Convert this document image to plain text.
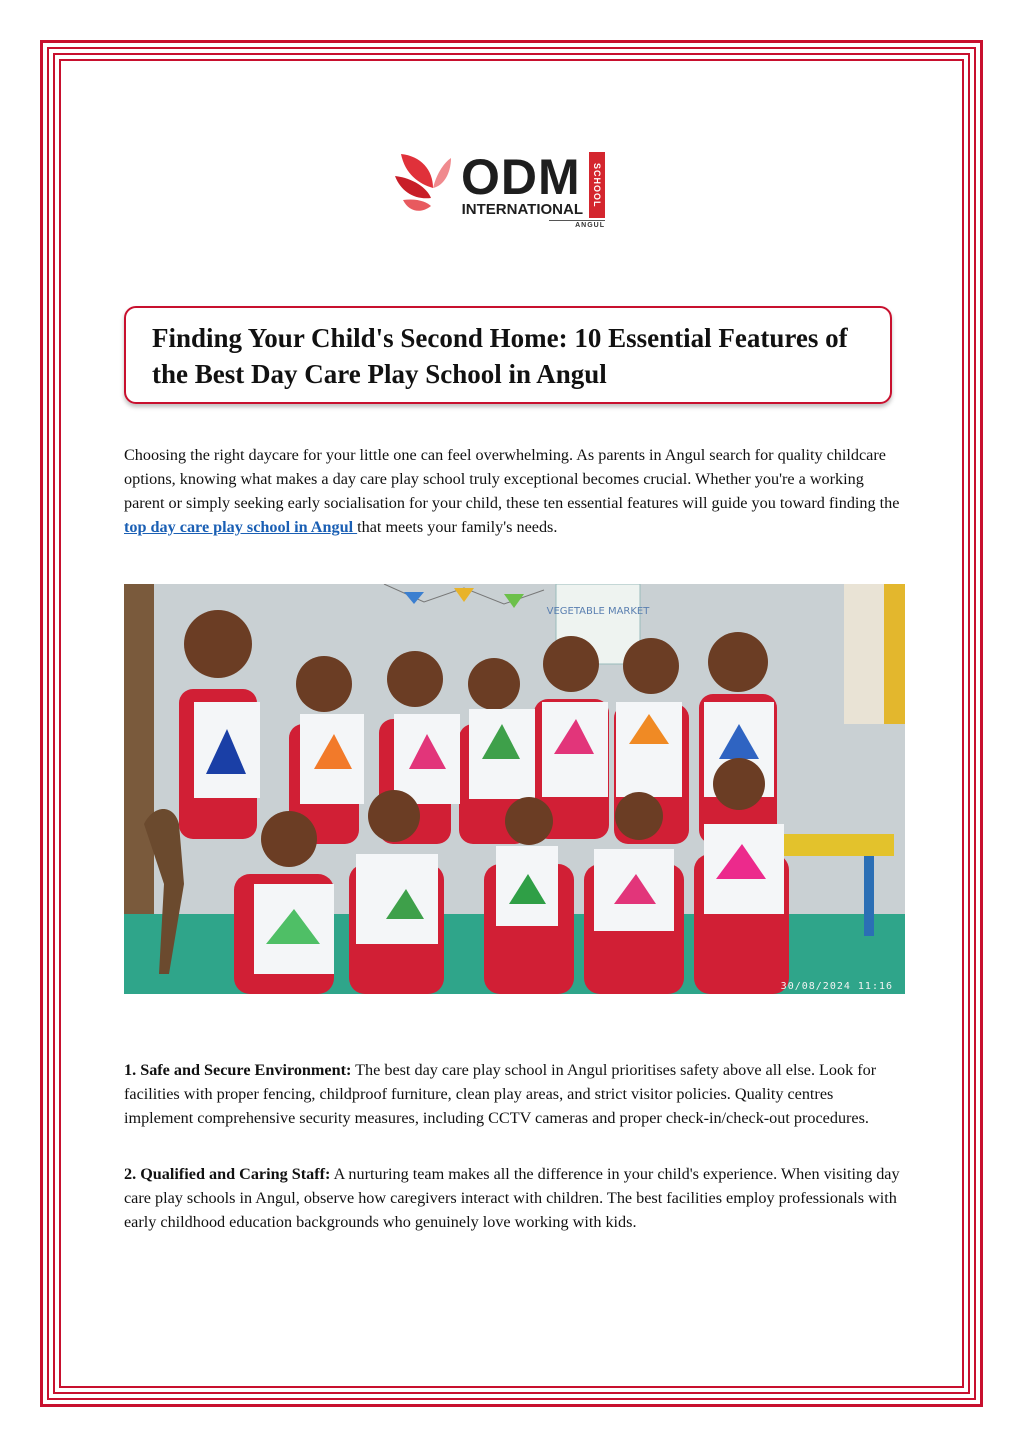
ODM
INTERNATIONAL
SCHOOL
ANGUL
Finding Your Child's Second Home: 10 Essential Features of the Best Day Care Play School in Angul

Choosing the right daycare for your little one can feel overwhelming. As parents in Angul search for quality childcare options, knowing what makes a day care play school truly exceptional becomes crucial. Whether you're a working parent or simply seeking early socialisation for your child, these ten essential features will guide you toward finding the top day care play school in Angul that meets your family's needs.

VEGETABLE MARKET
30/08/2024 11:16

1. Safe and Secure Environment: The best day care play school in Angul prioritises safety above all else. Look for facilities with proper fencing, childproof furniture, clean play areas, and strict visitor policies. Quality centres implement comprehensive security measures, including CCTV cameras and proper check-in/check-out procedures.

2. Qualified and Caring Staff: A nurturing team makes all the difference in your child's experience. When visiting day care play schools in Angul, observe how caregivers interact with children. The best facilities employ professionals with early childhood education backgrounds who genuinely love working with kids.
